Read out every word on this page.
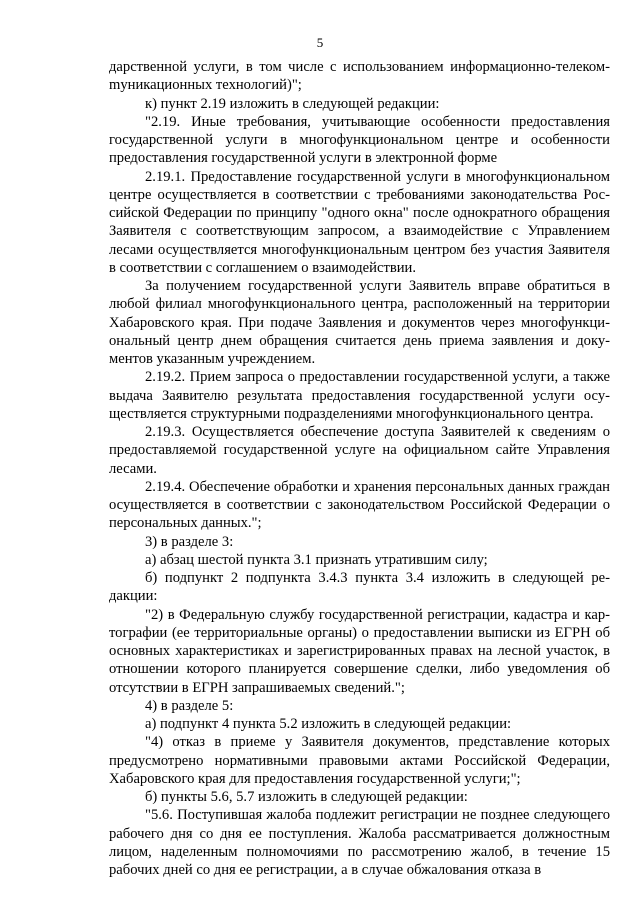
5

дарственной услуги, в том числе с использованием информационно-телекомmуникационных технологий)";

к) пункт 2.19 изложить в следующей редакции:

"2.19. Иные требования, учитывающие особенности предоставления государственной услуги в многофункциональном центре и особенности предоставления государственной услуги в электронной форме

2.19.1. Предоставление государственной услуги в многофункциональном центре осуществляется в соответствии с требованиями законодательства Российской Федерации по принципу "одного окна" после однократного обращения Заявителя с соответствующим запросом, а взаимодействие с Управлением лесами осуществляется многофункциональным центром без участия Заявителя в соответствии с соглашением о взаимодействии.

За получением государственной услуги Заявитель вправе обратиться в любой филиал многофункционального центра, расположенный на территории Хабаровского края. При подаче Заявления и документов через многофункциональный центр днем обращения считается день приема заявления и документов указанным учреждением.

2.19.2. Прием запроса о предоставлении государственной услуги, а также выдача Заявителю результата предоставления государственной услуги осуществляется структурными подразделениями многофункционального центра.

2.19.3. Осуществляется обеспечение доступа Заявителей к сведениям о предоставляемой государственной услуге на официальном сайте Управления лесами.

2.19.4. Обеспечение обработки и хранения персональных данных граждан осуществляется в соответствии с законодательством Российской Федерации о персональных данных.";

3) в разделе 3:

а) абзац шестой пункта 3.1 признать утратившим силу;

б) подпункт 2 подпункта 3.4.3 пункта 3.4 изложить в следующей редакции:

"2) в Федеральную службу государственной регистрации, кадастра и картографии (ее территориальные органы) о предоставлении выписки из ЕГРН об основных характеристиках и зарегистрированных правах на лесной участок, в отношении которого планируется совершение сделки, либо уведомления об отсутствии в ЕГРН запрашиваемых сведений.";

4) в разделе 5:

а) подпункт 4 пункта 5.2 изложить в следующей редакции:

"4) отказ в приеме у Заявителя документов, представление которых предусмотрено нормативными правовыми актами Российской Федерации, Хабаровского края для предоставления государственной услуги;";

б) пункты 5.6, 5.7 изложить в следующей редакции:

"5.6. Поступившая жалоба подлежит регистрации не позднее следующего рабочего дня со дня ее поступления. Жалоба рассматривается должностным лицом, наделенным полномочиями по рассмотрению жалоб, в течение 15 рабочих дней со дня ее регистрации, а в случае обжалования отказа в
